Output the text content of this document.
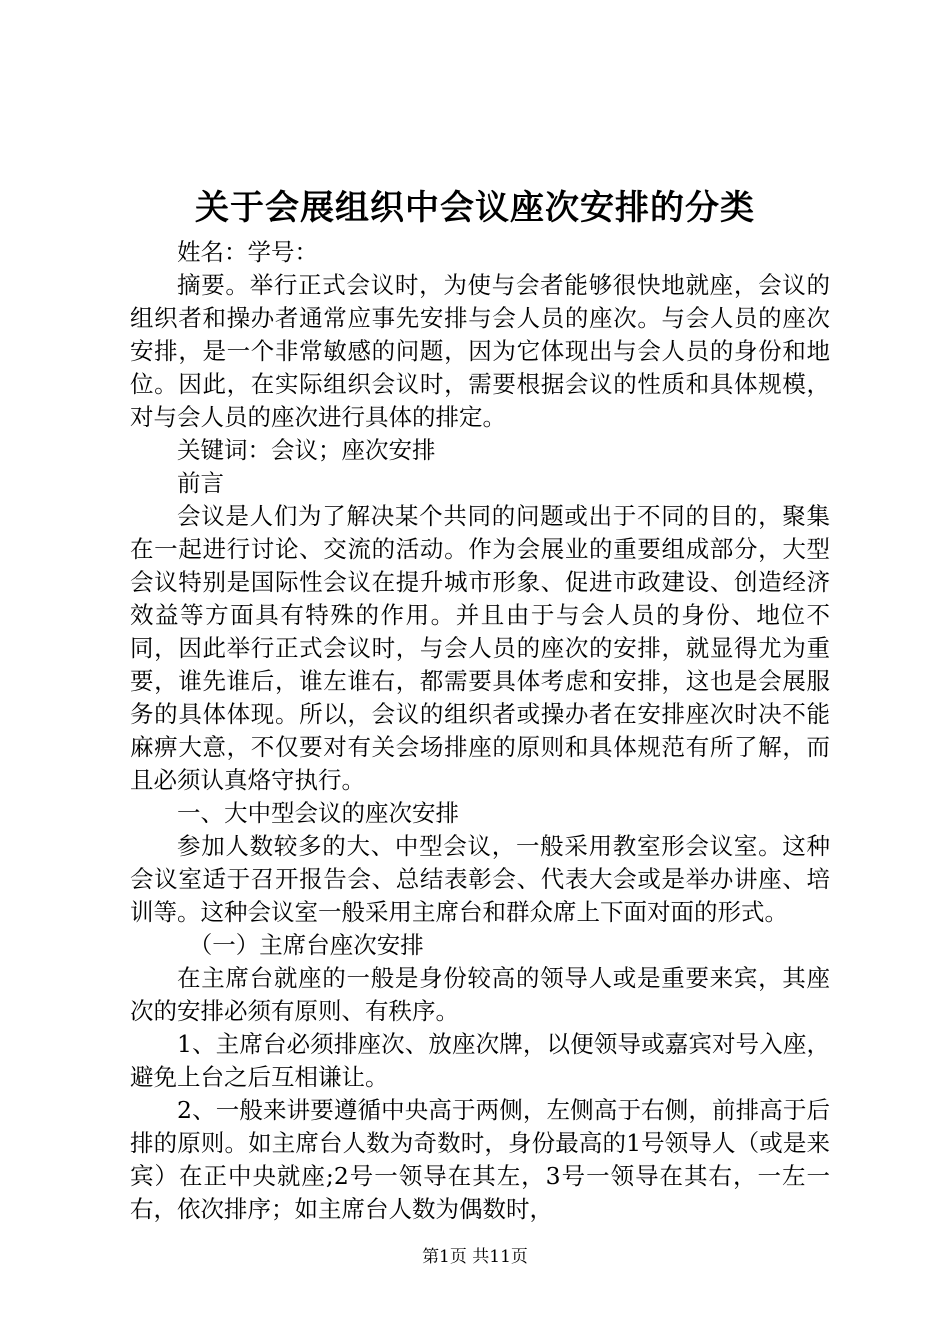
关于会展组织中会议座次安排的分类

姓名：学号：

摘要。举行正式会议时，为使与会者能够很快地就座，会议的组织者和操办者通常应事先安排与会人员的座次。与会人员的座次安排，是一个非常敏感的问题，因为它体现出与会人员的身份和地位。因此，在实际组织会议时，需要根据会议的性质和具体规模，对与会人员的座次进行具体的排定。

关键词：会议；座次安排

前言

会议是人们为了解决某个共同的问题或出于不同的目的，聚集在一起进行讨论、交流的活动。作为会展业的重要组成部分，大型会议特别是国际性会议在提升城市形象、促进市政建设、创造经济效益等方面具有特殊的作用。并且由于与会人员的身份、地位不同，因此举行正式会议时，与会人员的座次的安排，就显得尤为重要，谁先谁后，谁左谁右，都需要具体考虑和安排，这也是会展服务的具体体现。所以，会议的组织者或操办者在安排座次时决不能麻痹大意，不仅要对有关会场排座的原则和具体规范有所了解，而且必须认真烙守执行。

一、大中型会议的座次安排

参加人数较多的大、中型会议，一般采用教室形会议室。这种会议室适于召开报告会、总结表彰会、代表大会或是举办讲座、培训等。这种会议室一般采用主席台和群众席上下面对面的形式。

（一）主席台座次安排

在主席台就座的一般是身份较高的领导人或是重要来宾，其座次的安排必须有原则、有秩序。

1、主席台必须排座次、放座次牌，以便领导或嘉宾对号入座，避免上台之后互相谦让。

2、一般来讲要遵循中央高于两侧，左侧高于右侧，前排高于后排的原则。如主席台人数为奇数时，身份最高的1号领导人（或是来宾）在正中央就座;2号一领导在其左，3号一领导在其右，一左一右，依次排序；如主席台人数为偶数时，

第1页 共11页
